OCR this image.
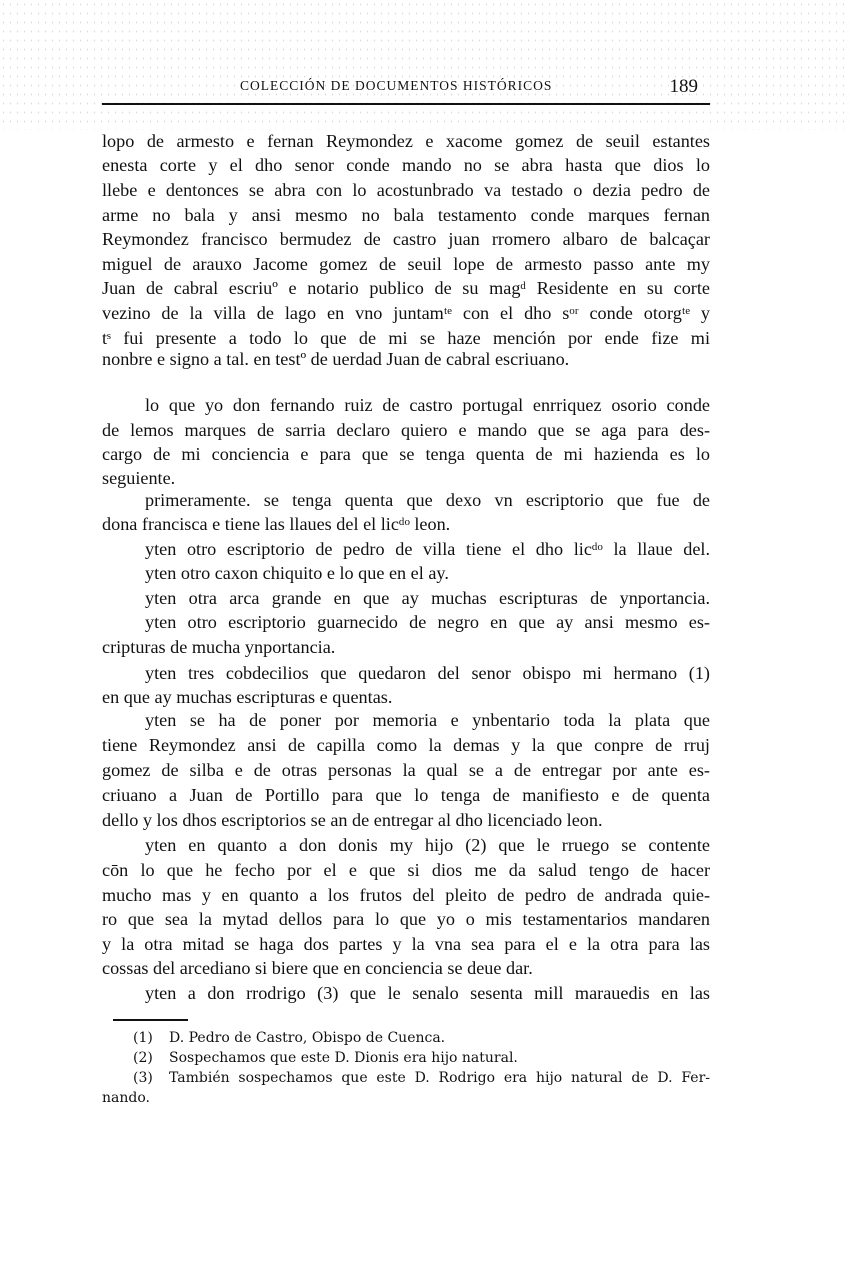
COLECCIÓN DE DOCUMENTOS HISTÓRICOS	189
lopo de armesto e fernan Reymondez e xacome gomez de seuil estantes
enesta corte y el dho senor conde mando no se abra hasta que dios lo
llebe e dentonces se abra con lo acostunbrado va testado o dezia pedro de
arme no bala y ansi mesmo no bala testamento conde marques fernan
Reymondez francisco bermudez de castro juan rromero albaro de balcaçar
miguel de arauxo Jacome gomez de seuil lope de armesto passo ante my
Juan de cabral escriuº e notario publico de su magᵈ Residente en su corte
vezino de la villa de lago en vno juntamᵗᵉ con el dho sᵒʳ conde otorgᵗᵉ y
tˢ fui presente a todo lo que de mi se haze mención por ende fize mi
nonbre e signo a tal. en testº de uerdad Juan de cabral escriuano.
lo que yo don fernando ruiz de castro portugal enrriquez osorio conde
de lemos marques de sarria declaro quiero e mando que se aga para des-
cargo de mi conciencia e para que se tenga quenta de mi hazienda es lo
seguiente.
primeramente. se tenga quenta que dexo vn escriptorio que fue de
dona francisca e tiene las llaues del el licᵈᵒ leon.
yten otro escriptorio de pedro de villa tiene el dho licᵈᵒ la llaue del.
yten otro caxon chiquito e lo que en el ay.
yten otra arca grande en que ay muchas escripturas de ynportancia.
yten otro escriptorio guarnecido de negro en que ay ansi mesmo es-
cripturas de mucha ynportancia.
yten tres cobdecilios que quedaron del senor obispo mi hermano (1)
en que ay muchas escripturas e quentas.
yten se ha de poner por memoria e ynbentario toda la plata que
tiene Reymondez ansi de capilla como la demas y la que conpre de rruj
gomez de silba e de otras personas la qual se a de entregar por ante es-
criuano a Juan de Portillo para que lo tenga de manifiesto e de quenta
dello y los dhos escriptorios se an de entregar al dho licenciado leon.
yten en quanto a don donis my hijo (2) que le rruego se contente
cōn lo que he fecho por el e que si dios me da salud tengo de hacer
mucho mas y en quanto a los frutos del pleito de pedro de andrada quie-
ro que sea la mytad dellos para lo que yo o mis testamentarios mandaren
y la otra mitad se haga dos partes y la vna sea para el e la otra para las
cossas del arcediano si biere que en conciencia se deue dar.
yten a don rrodrigo (3) que le senalo sesenta mill marauedis en las
(1) D. Pedro de Castro, Obispo de Cuenca.
(2) Sospechamos que este D. Dionis era hijo natural.
(3) También sospechamos que este D. Rodrigo era hijo natural de D. Fer-
nando.
